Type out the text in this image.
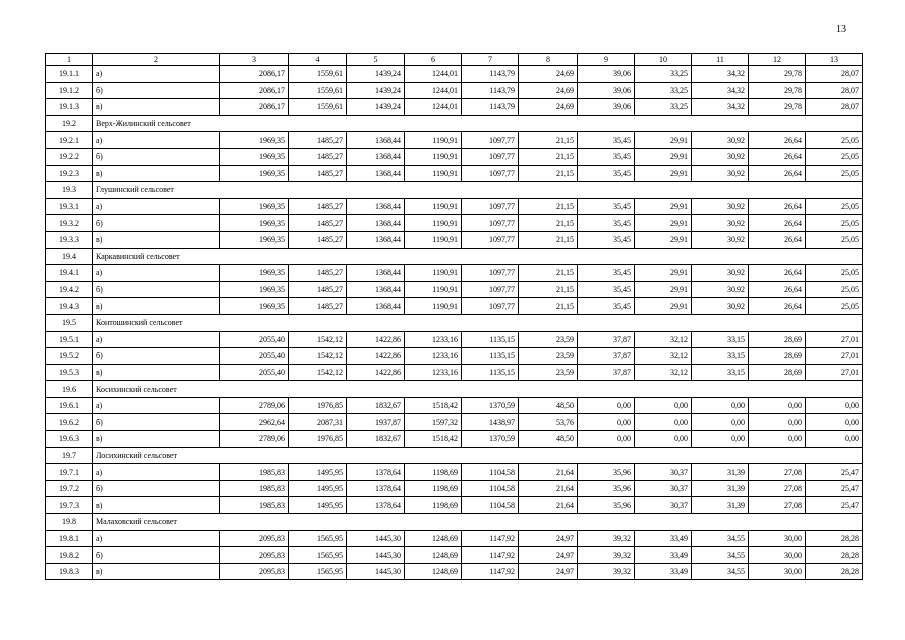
13
1	2	3	4	5	6	7	8	9	10	11	12	13
19.1.1	а)	2086,17	1559,61	1439,24	1244,01	1143,79	24,69	39,06	33,25	34,32	29,78	28,07
19.1.2	б)	2086,17	1559,61	1439,24	1244,01	1143,79	24,69	39,06	33,25	34,32	29,78	28,07
19.1.3	в)	2086,17	1559,61	1439,24	1244,01	1143,79	24,69	39,06	33,25	34,32	29,78	28,07
19.2	Верх-Жилинский сельсовет											
19.2.1	а)	1969,35	1485,27	1368,44	1190,91	1097,77	21,15	35,45	29,91	30,92	26,64	25,05
19.2.2	б)	1969,35	1485,27	1368,44	1190,91	1097,77	21,15	35,45	29,91	30,92	26,64	25,05
19.2.3	в)	1969,35	1485,27	1368,44	1190,91	1097,77	21,15	35,45	29,91	30,92	26,64	25,05
19.3	Глушинский сельсовет											
19.3.1	а)	1969,35	1485,27	1368,44	1190,91	1097,77	21,15	35,45	29,91	30,92	26,64	25,05
19.3.2	б)	1969,35	1485,27	1368,44	1190,91	1097,77	21,15	35,45	29,91	30,92	26,64	25,05
19.3.3	в)	1969,35	1485,27	1368,44	1190,91	1097,77	21,15	35,45	29,91	30,92	26,64	25,05
19.4	Каркавинский сельсовет											
19.4.1	а)	1969,35	1485,27	1368,44	1190,91	1097,77	21,15	35,45	29,91	30,92	26,64	25,05
19.4.2	б)	1969,35	1485,27	1368,44	1190,91	1097,77	21,15	35,45	29,91	30,92	26,64	25,05
19.4.3	в)	1969,35	1485,27	1368,44	1190,91	1097,77	21,15	35,45	29,91	30,92	26,64	25,05
19.5	Контошинский сельсовет											
19.5.1	а)	2055,40	1542,12	1422,86	1233,16	1135,15	23,59	37,87	32,12	33,15	28,69	27,01
19.5.2	б)	2055,40	1542,12	1422,86	1233,16	1135,15	23,59	37,87	32,12	33,15	28,69	27,01
19.5.3	в)	2055,40	1542,12	1422,86	1233,16	1135,15	23,59	37,87	32,12	33,15	28,69	27,01
19.6	Косихинский сельсовет											
19.6.1	а)	2789,06	1976,85	1832,67	1518,42	1370,59	48,50	0,00	0,00	0,00	0,00	0,00
19.6.2	б)	2962,64	2087,31	1937,87	1597,32	1438,97	53,76	0,00	0,00	0,00	0,00	0,00
19.6.3	в)	2789,06	1976,85	1832,67	1518,42	1370,59	48,50	0,00	0,00	0,00	0,00	0,00
19.7	Лосихинский сельсовет											
19.7.1	а)	1985,83	1495,95	1378,64	1198,69	1104,58	21,64	35,96	30,37	31,39	27,08	25,47
19.7.2	б)	1985,83	1495,95	1378,64	1198,69	1104,58	21,64	35,96	30,37	31,39	27,08	25,47
19.7.3	в)	1985,83	1495,95	1378,64	1198,69	1104,58	21,64	35,96	30,37	31,39	27,08	25,47
19.8	Малаховский сельсовет											
19.8.1	а)	2095,83	1565,95	1445,30	1248,69	1147,92	24,97	39,32	33,49	34,55	30,00	28,28
19.8.2	б)	2095,83	1565,95	1445,30	1248,69	1147,92	24,97	39,32	33,49	34,55	30,00	28,28
19.8.3	в)	2095,83	1565,95	1445,30	1248,69	1147,92	24,97	39,32	33,49	34,55	30,00	28,28
